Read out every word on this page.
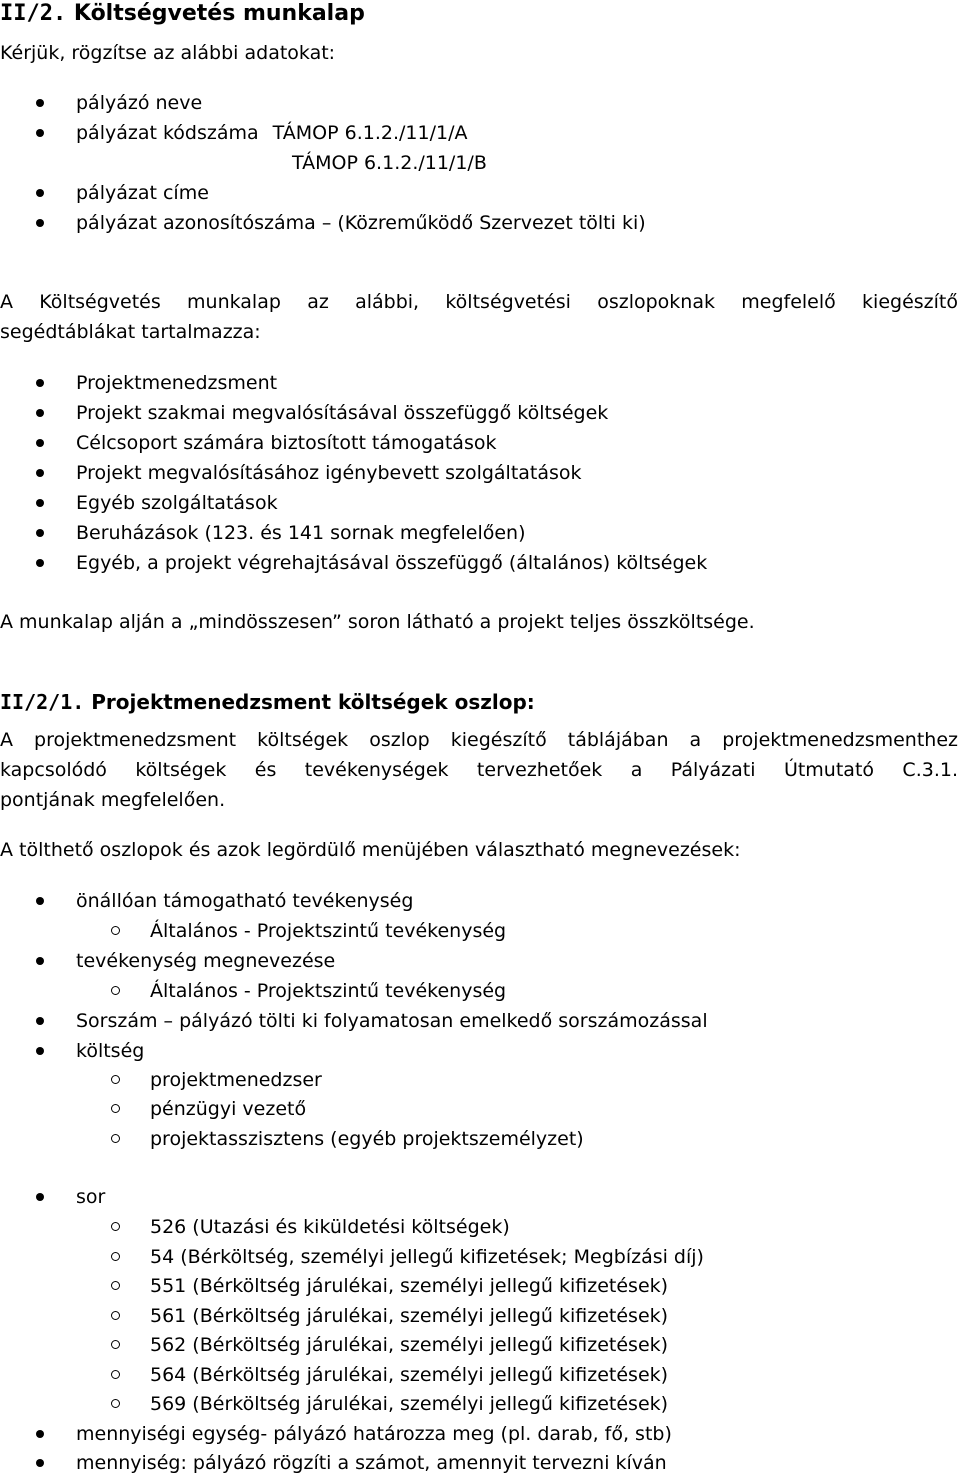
II/2. Költségvetés munkalap
Kérjük, rögzítse az alábbi adatokat:
pályázó neve
pályázat kódszáma TÁMOP 6.1.2./11/1/A
TÁMOP 6.1.2./11/1/B
pályázat címe
pályázat azonosítószáma – (Közreműködő Szervezet tölti ki)
A Költségvetés munkalap az alábbi, költségvetési oszlopoknak megfelelő kiegészítő
segédtáblákat tartalmazza:
Projektmenedzsment
Projekt szakmai megvalósításával összefüggő költségek
Célcsoport számára biztosított támogatások
Projekt megvalósításához igénybevett szolgáltatások
Egyéb szolgáltatások
Beruházások (123. és 141 sornak megfelelően)
Egyéb, a projekt végrehajtásával összefüggő (általános) költségek
A munkalap alján a „mindösszesen” soron látható a projekt teljes összköltsége.
II/2/1. Projektmenedzsment költségek oszlop:
A projektmenedzsment költségek oszlop kiegészítő táblájában a projektmenedzsmenthez
kapcsolódó költségek és tevékenységek tervezhetőek a Pályázati Útmutató C.3.1.
pontjának megfelelően.
A tölthető oszlopok és azok legördülő menüjében választható megnevezések:
önállóan támogatható tevékenység
Általános - Projektszintű tevékenység
tevékenység megnevezése
Általános - Projektszintű tevékenység
Sorszám – pályázó tölti ki folyamatosan emelkedő sorszámozással
költség
projektmenedzser
pénzügyi vezető
projektasszisztens (egyéb projektszemélyzet)
sor
526 (Utazási és kiküldetési költségek)
54 (Bérköltség, személyi jellegű kifizetések; Megbízási díj)
551 (Bérköltség járulékai, személyi jellegű kifizetések)
561 (Bérköltség járulékai, személyi jellegű kifizetések)
562 (Bérköltség járulékai, személyi jellegű kifizetések)
564 (Bérköltség járulékai, személyi jellegű kifizetések)
569 (Bérköltség járulékai, személyi jellegű kifizetések)
mennyiségi egység- pályázó határozza meg (pl. darab, fő, stb)
mennyiség: pályázó rögzíti a számot, amennyit tervezni kíván
